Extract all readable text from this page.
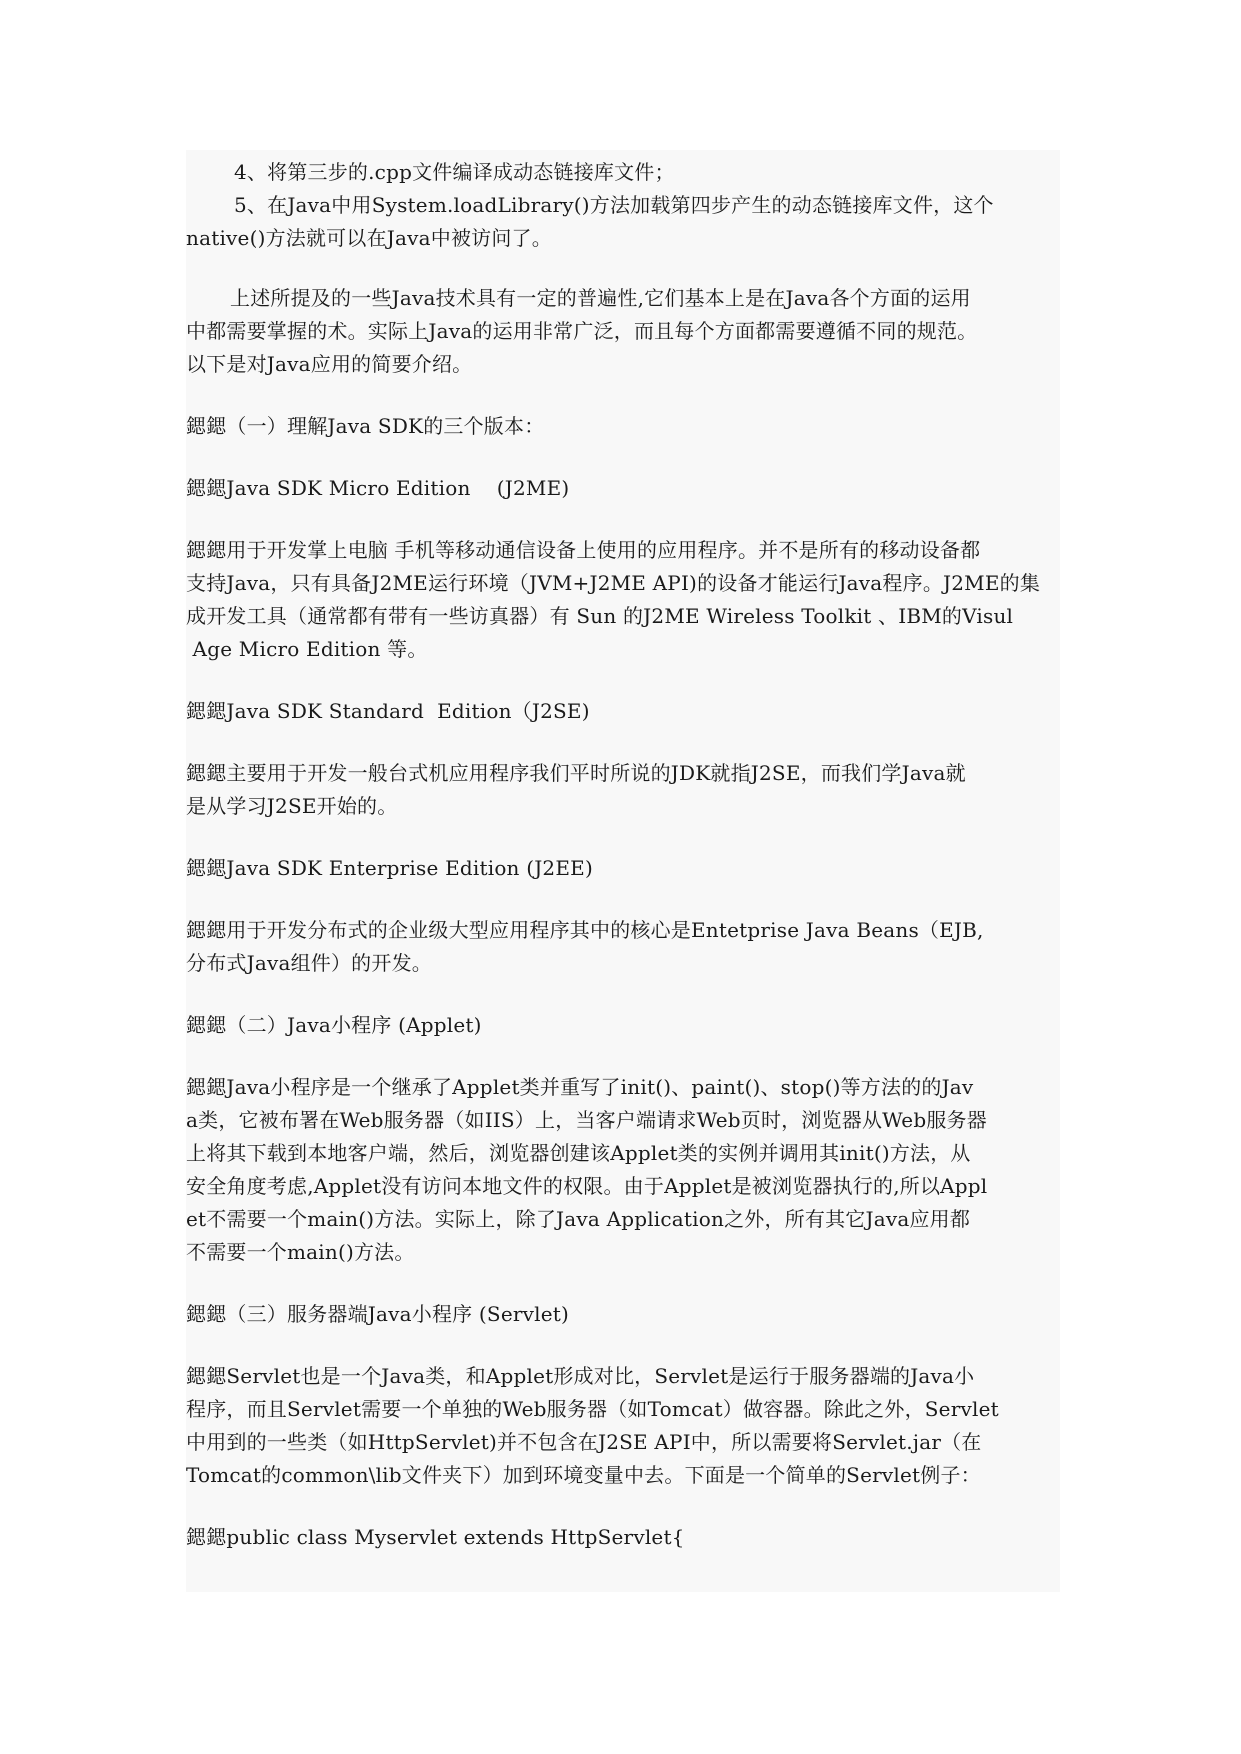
4、将第三步的.cpp文件编译成动态链接库文件；
5、在Java中用System.loadLibrary()方法加载第四步产生的动态链接库文件，这个
native()方法就可以在Java中被访问了。
上述所提及的一些Java技术具有一定的普遍性,它们基本上是在Java各个方面的运用
中都需要掌握的术。实际上Java的运用非常广泛，而且每个方面都需要遵循不同的规范。
以下是对Java应用的简要介绍。
鍶鍶（一）理解Java SDK的三个版本：
鍶鍶Java SDK Micro Edition    (J2ME)
鍶鍶用于开发掌上电脑 手机等移动通信设备上使用的应用程序。并不是所有的移动设备都
支持Java，只有具备J2ME运行环境（JVM+J2ME API)的设备才能运行Java程序。J2ME的集
成开发工具（通常都有带有一些访真器）有 Sun 的J2ME Wireless Toolkit 、IBM的Visul
Age Micro Edition 等。
鍶鍶Java SDK Standard  Edition（J2SE)
鍶鍶主要用于开发一般台式机应用程序我们平时所说的JDK就指J2SE，而我们学Java就
是从学习J2SE开始的。
鍶鍶Java SDK Enterprise Edition (J2EE)
鍶鍶用于开发分布式的企业级大型应用程序其中的核心是Entetprise Java Beans（EJB,
分布式Java组件）的开发。
鍶鍶（二）Java小程序 (Applet)
鍶鍶Java小程序是一个继承了Applet类并重写了init()、paint()、stop()等方法的的Jav
a类，它被布署在Web服务器（如IIS）上，当客户端请求Web页时，浏览器从Web服务器
上将其下载到本地客户端，然后，浏览器创建该Applet类的实例并调用其init()方法，从
安全角度考虑,Applet没有访问本地文件的权限。由于Applet是被浏览器执行的,所以Appl
et不需要一个main()方法。实际上，除了Java Application之外，所有其它Java应用都
不需要一个main()方法。
鍶鍶（三）服务器端Java小程序 (Servlet)
鍶鍶Servlet也是一个Java类，和Applet形成对比，Servlet是运行于服务器端的Java小
程序，而且Servlet需要一个单独的Web服务器（如Tomcat）做容器。除此之外，Servlet
中用到的一些类（如HttpServlet)并不包含在J2SE API中，所以需要将Servlet.jar（在
Tomcat的common\lib文件夹下）加到环境变量中去。下面是一个简单的Servlet例子：
鍶鍶public class Myservlet extends HttpServlet{
